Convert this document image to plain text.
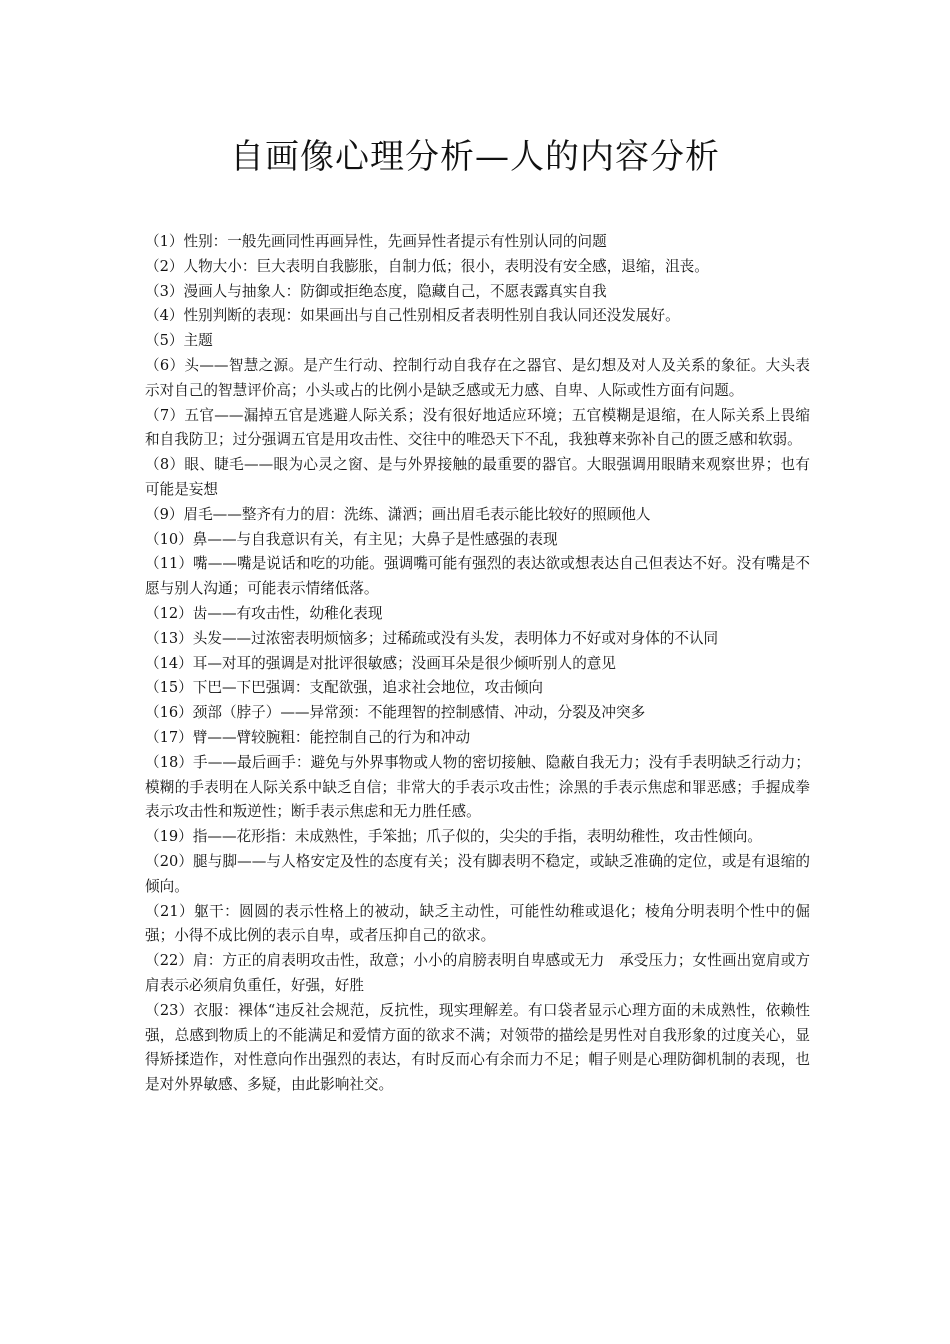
自画像心理分析—人的内容分析

（1）性别：一般先画同性再画异性，先画异性者提示有性别认同的问题

（2）人物大小：巨大表明自我膨胀，自制力低；很小，表明没有安全感，退缩，沮丧。

（3）漫画人与抽象人：防御或拒绝态度，隐藏自己，不愿表露真实自我

（4）性别判断的表现：如果画出与自己性别相反者表明性别自我认同还没发展好。

（5）主题

（6）头——智慧之源。是产生行动、控制行动自我存在之器官、是幻想及对人及关系的象征。大头表示对自己的智慧评价高；小头或占的比例小是缺乏感或无力感、自卑、人际或性方面有问题。

（7）五官——漏掉五官是逃避人际关系；没有很好地适应环境；五官模糊是退缩，在人际关系上畏缩和自我防卫；过分强调五官是用攻击性、交往中的唯恐天下不乱，我独尊来弥补自己的匮乏感和软弱。

（8）眼、睫毛——眼为心灵之窗、是与外界接触的最重要的器官。大眼强调用眼睛来观察世界；也有可能是妄想

（9）眉毛——整齐有力的眉：洗练、潇洒；画出眉毛表示能比较好的照顾他人

（10）鼻——与自我意识有关，有主见；大鼻子是性感强的表现

（11）嘴——嘴是说话和吃的功能。强调嘴可能有强烈的表达欲或想表达自己但表达不好。没有嘴是不愿与别人沟通；可能表示情绪低落。

（12）齿——有攻击性，幼稚化表现

（13）头发——过浓密表明烦恼多；过稀疏或没有头发，表明体力不好或对身体的不认同

（14）耳—对耳的强调是对批评很敏感；没画耳朵是很少倾听别人的意见

（15）下巴—下巴强调：支配欲强，追求社会地位，攻击倾向

（16）颈部（脖子）——异常颈：不能理智的控制感情、冲动，分裂及冲突多

（17）臂——臂较腕粗：能控制自己的行为和冲动

（18）手——最后画手：避免与外界事物或人物的密切接触、隐蔽自我无力；没有手表明缺乏行动力；模糊的手表明在人际关系中缺乏自信；非常大的手表示攻击性；涂黑的手表示焦虑和罪恶感；手握成拳表示攻击性和叛逆性；断手表示焦虑和无力胜任感。

（19）指——花形指：未成熟性，手笨拙；爪子似的，尖尖的手指，表明幼稚性，攻击性倾向。

（20）腿与脚——与人格安定及性的态度有关；没有脚表明不稳定，或缺乏准确的定位，或是有退缩的倾向。

（21）躯干：圆圆的表示性格上的被动，缺乏主动性，可能性幼稚或退化；棱角分明表明个性中的倔强；小得不成比例的表示自卑，或者压抑自己的欲求。

（22）肩：方正的肩表明攻击性，敌意；小小的肩膀表明自卑感或无力　承受压力；女性画出宽肩或方肩表示必须肩负重任，好强，好胜

（23）衣服：裸体“违反社会规范，反抗性，现实理解差。有口袋者显示心理方面的未成熟性，依赖性强，总感到物质上的不能满足和爱情方面的欲求不满；对领带的描绘是男性对自我形象的过度关心，显得矫揉造作，对性意向作出强烈的表达，有时反而心有余而力不足；帽子则是心理防御机制的表现，也是对外界敏感、多疑，由此影响社交。
